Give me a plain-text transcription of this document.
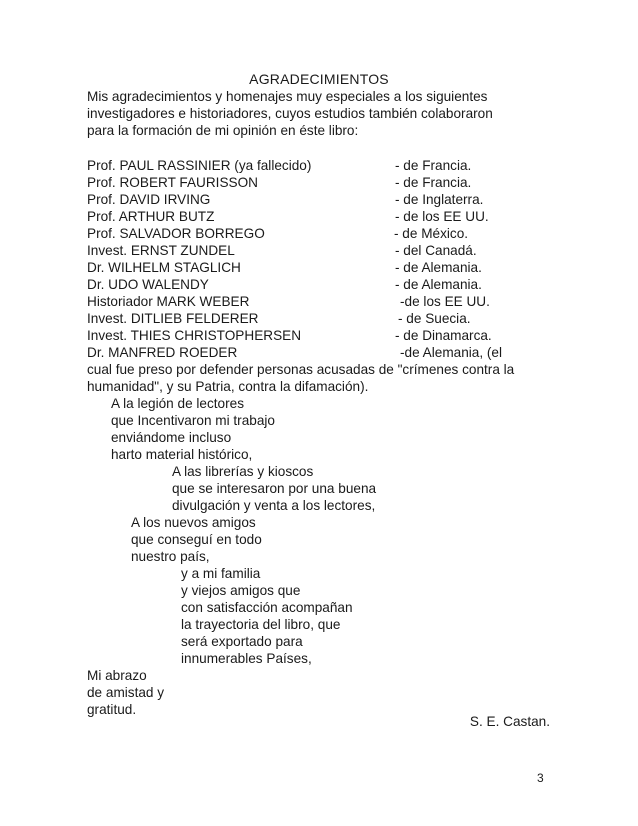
AGRADECIMIENTOS
Mis agradecimientos y homenajes muy especiales a los siguientes
investigadores e historiadores, cuyos estudios también colaboraron
para la formación de mi opinión en éste libro:
Prof. PAUL RASSINIER (ya fallecido)	- de Francia.
Prof. ROBERT FAURISSON	- de Francia.
Prof. DAVID IRVING	- de Inglaterra.
Prof. ARTHUR BUTZ	- de los EE UU.
Prof. SALVADOR BORREGO	- de México.
Invest. ERNST ZUNDEL	- del Canadá.
Dr. WILHELM STAGLICH	- de Alemania.
Dr. UDO WALENDY	- de Alemania.
Historiador MARK WEBER	-de los EE UU.
Invest. DITLIEB FELDERER	- de Suecia.
Invest. THIES CHRISTOPHERSEN	- de Dinamarca.
Dr. MANFRED ROEDER	-de Alemania, (el
cual fue preso por defender personas acusadas de "crímenes contra la
humanidad", y su Patria, contra la difamación).
A la legión de lectores
que Incentivaron mi trabajo
enviándome incluso
harto material histórico,
A las librerías y kioscos
que se interesaron por una buena
divulgación y venta a los lectores,
A los nuevos amigos
que conseguí en todo
nuestro país,
y a mi familia
y viejos amigos que
con satisfacción acompañan
la trayectoria del libro, que
será exportado para
innumerables Países,
Mi abrazo
de amistad y
gratitud.
S. E. Castan.
3
